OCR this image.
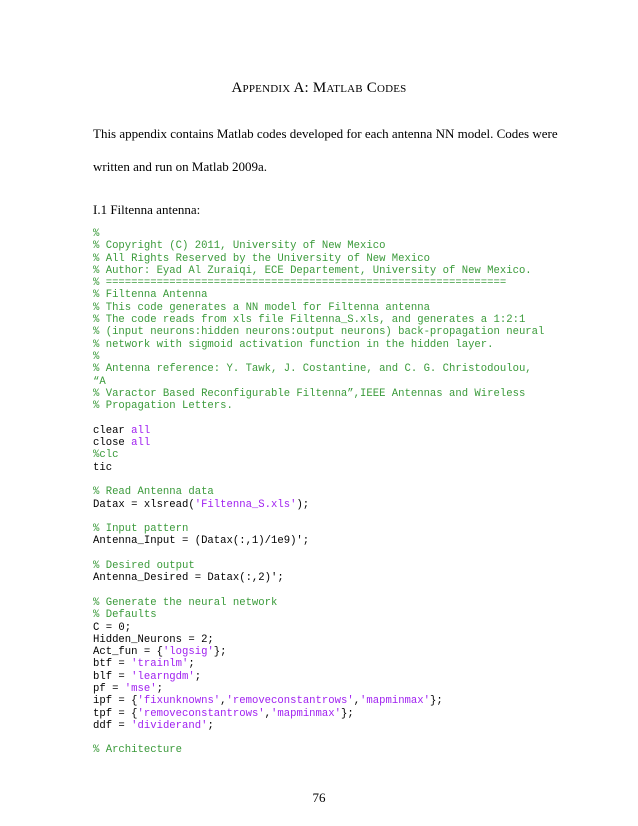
Appendix A: Matlab Codes
This appendix contains Matlab codes developed for each antenna NN model. Codes were
written and run on Matlab 2009a.
I.1 Filtenna antenna:
%
% Copyright (C) 2011, University of New Mexico
% All Rights Reserved by the University of New Mexico
% Author: Eyad Al Zuraiqi, ECE Departement, University of New Mexico.
% ===============================================================
% Filtenna Antenna
% This code generates a NN model for Filtenna antenna
% The code reads from xls file Filtenna_S.xls, and generates a 1:2:1
% (input neurons:hidden neurons:output neurons) back-propagation neural
% network with sigmoid activation function in the hidden layer.
%
% Antenna reference: Y. Tawk, J. Costantine, and C. G. Christodoulou,
“A
% Varactor Based Reconfigurable Filtenna”,IEEE Antennas and Wireless
% Propagation Letters.

clear all
close all
%clc
tic

% Read Antenna data
Datax = xlsread('Filtenna_S.xls');

% Input pattern
Antenna_Input = (Datax(:,1)/1e9)';

% Desired output
Antenna_Desired = Datax(:,2)';

% Generate the neural network
% Defaults
C = 0;
Hidden_Neurons = 2;
Act_fun = {'logsig'};
btf = 'trainlm';
blf = 'learngdm';
pf = 'mse';
ipf = {'fixunknowns','removeconstantrows','mapminmax'};
tpf = {'removeconstantrows','mapminmax'};
ddf = 'dividerand';

% Architecture
76
